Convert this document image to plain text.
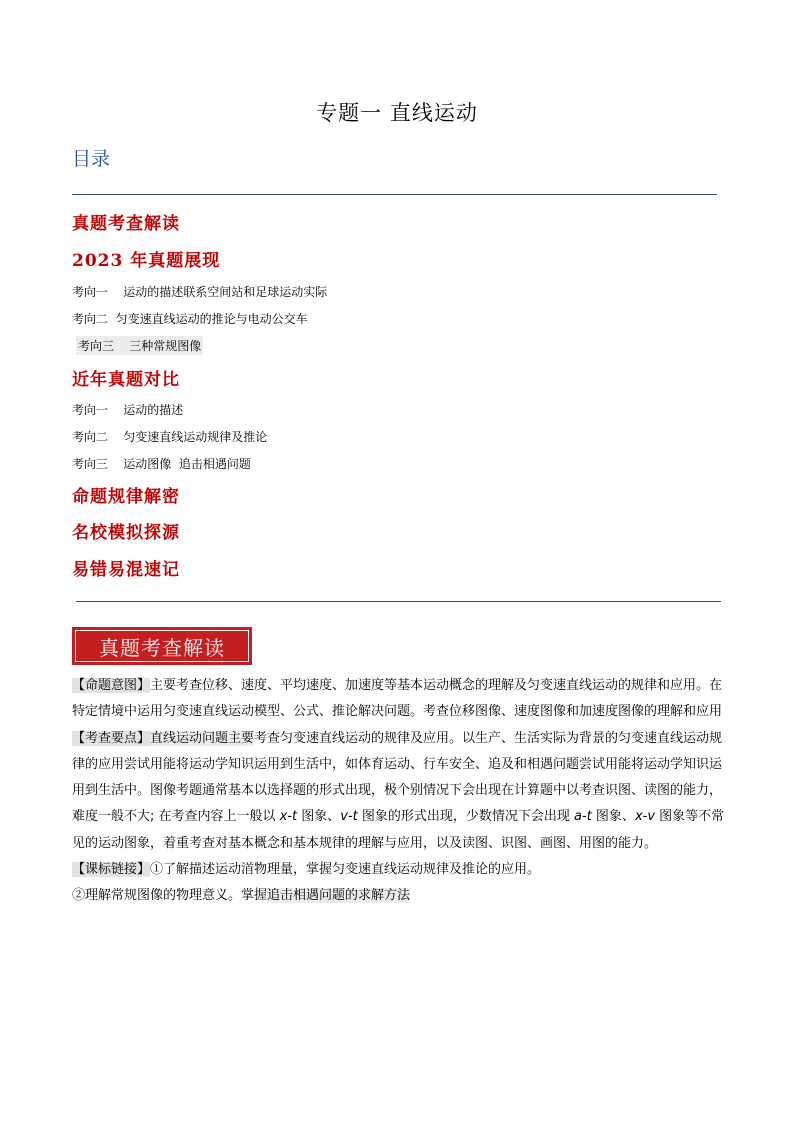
专题一 直线运动
目录
真题考查解读
2023 年真题展现
考向一    运动的描述联系空间站和足球运动实际
考向二  匀变速直线运动的推论与电动公交车
考向三    三种常规图像
近年真题对比
考向一    运动的描述
考向二    匀变速直线运动规律及推论
考向三    运动图像  追击相遇问题
命题规律解密
名校模拟探源
易错易混速记
真题考查解读

【命题意图】主要考查位移、速度、平均速度、加速度等基本运动概念的理解及匀变速直线运动的规律和应用。在特定情境中运用匀变速直线运动模型、公式、推论解决问题。考查位移图像、速度图像和加速度图像的理解和应用

【考查要点】直线运动问题主要考查匀变速直线运动的规律及应用。以生产、生活实际为背景的匀变速直线运动规律的应用尝试用能将运动学知识运用到生活中，如体育运动、行车安全、追及和相遇问题尝试用能将运动学知识运用到生活中。图像考题通常基本以选择题的形式出现，极个别情况下会出现在计算题中以考查识图、读图的能力，难度一般不大; 在考查内容上一般以 x-t 图象、v-t 图象的形式出现，少数情况下会出现 a-t 图象、x-v 图象等不常见的运动图象，着重考查对基本概念和基本规律的理解与应用，以及读图、识图、画图、用图的能力。

【课标链接】①了解描述运动渞物理量，掌握匀变速直线运动规律及推论的应用。

②理解常规图像的物理意义。掌握追击相遇问题的求解方法
